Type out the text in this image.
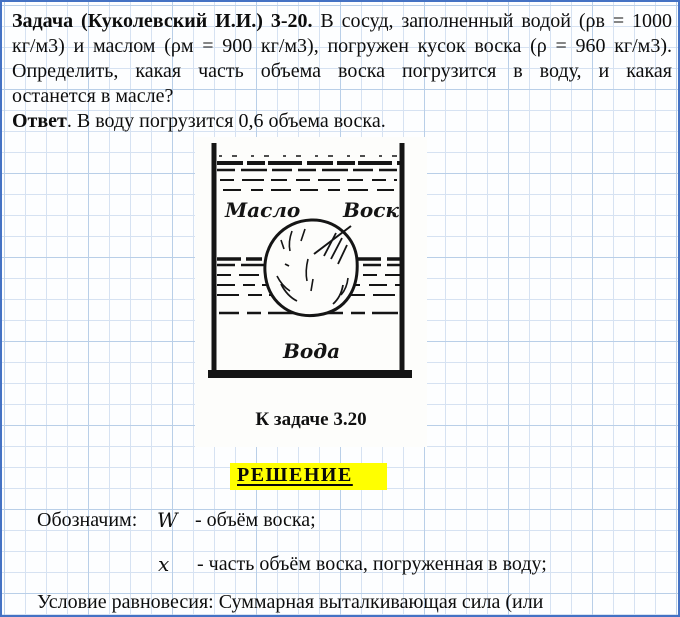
Задача (Куколевский И.И.) 3-20. В сосуд, заполненный водой (ρв = 1000
кг/м3) и маслом (ρм = 900 кг/м3), погружен кусок воска (ρ = 960 кг/м3).
Определить, какая часть объема воска погрузится в воду, и какая
останется в масле?
Ответ. В воду погрузится 0,6 объема воска.
Масло Воск
Вода
К задаче 3.20
РЕШЕНИЕ
Обозначим: W - объём воска;
x - часть объём воска, погруженная в воду;
Условие равновесия: Суммарная выталкивающая сила (или
